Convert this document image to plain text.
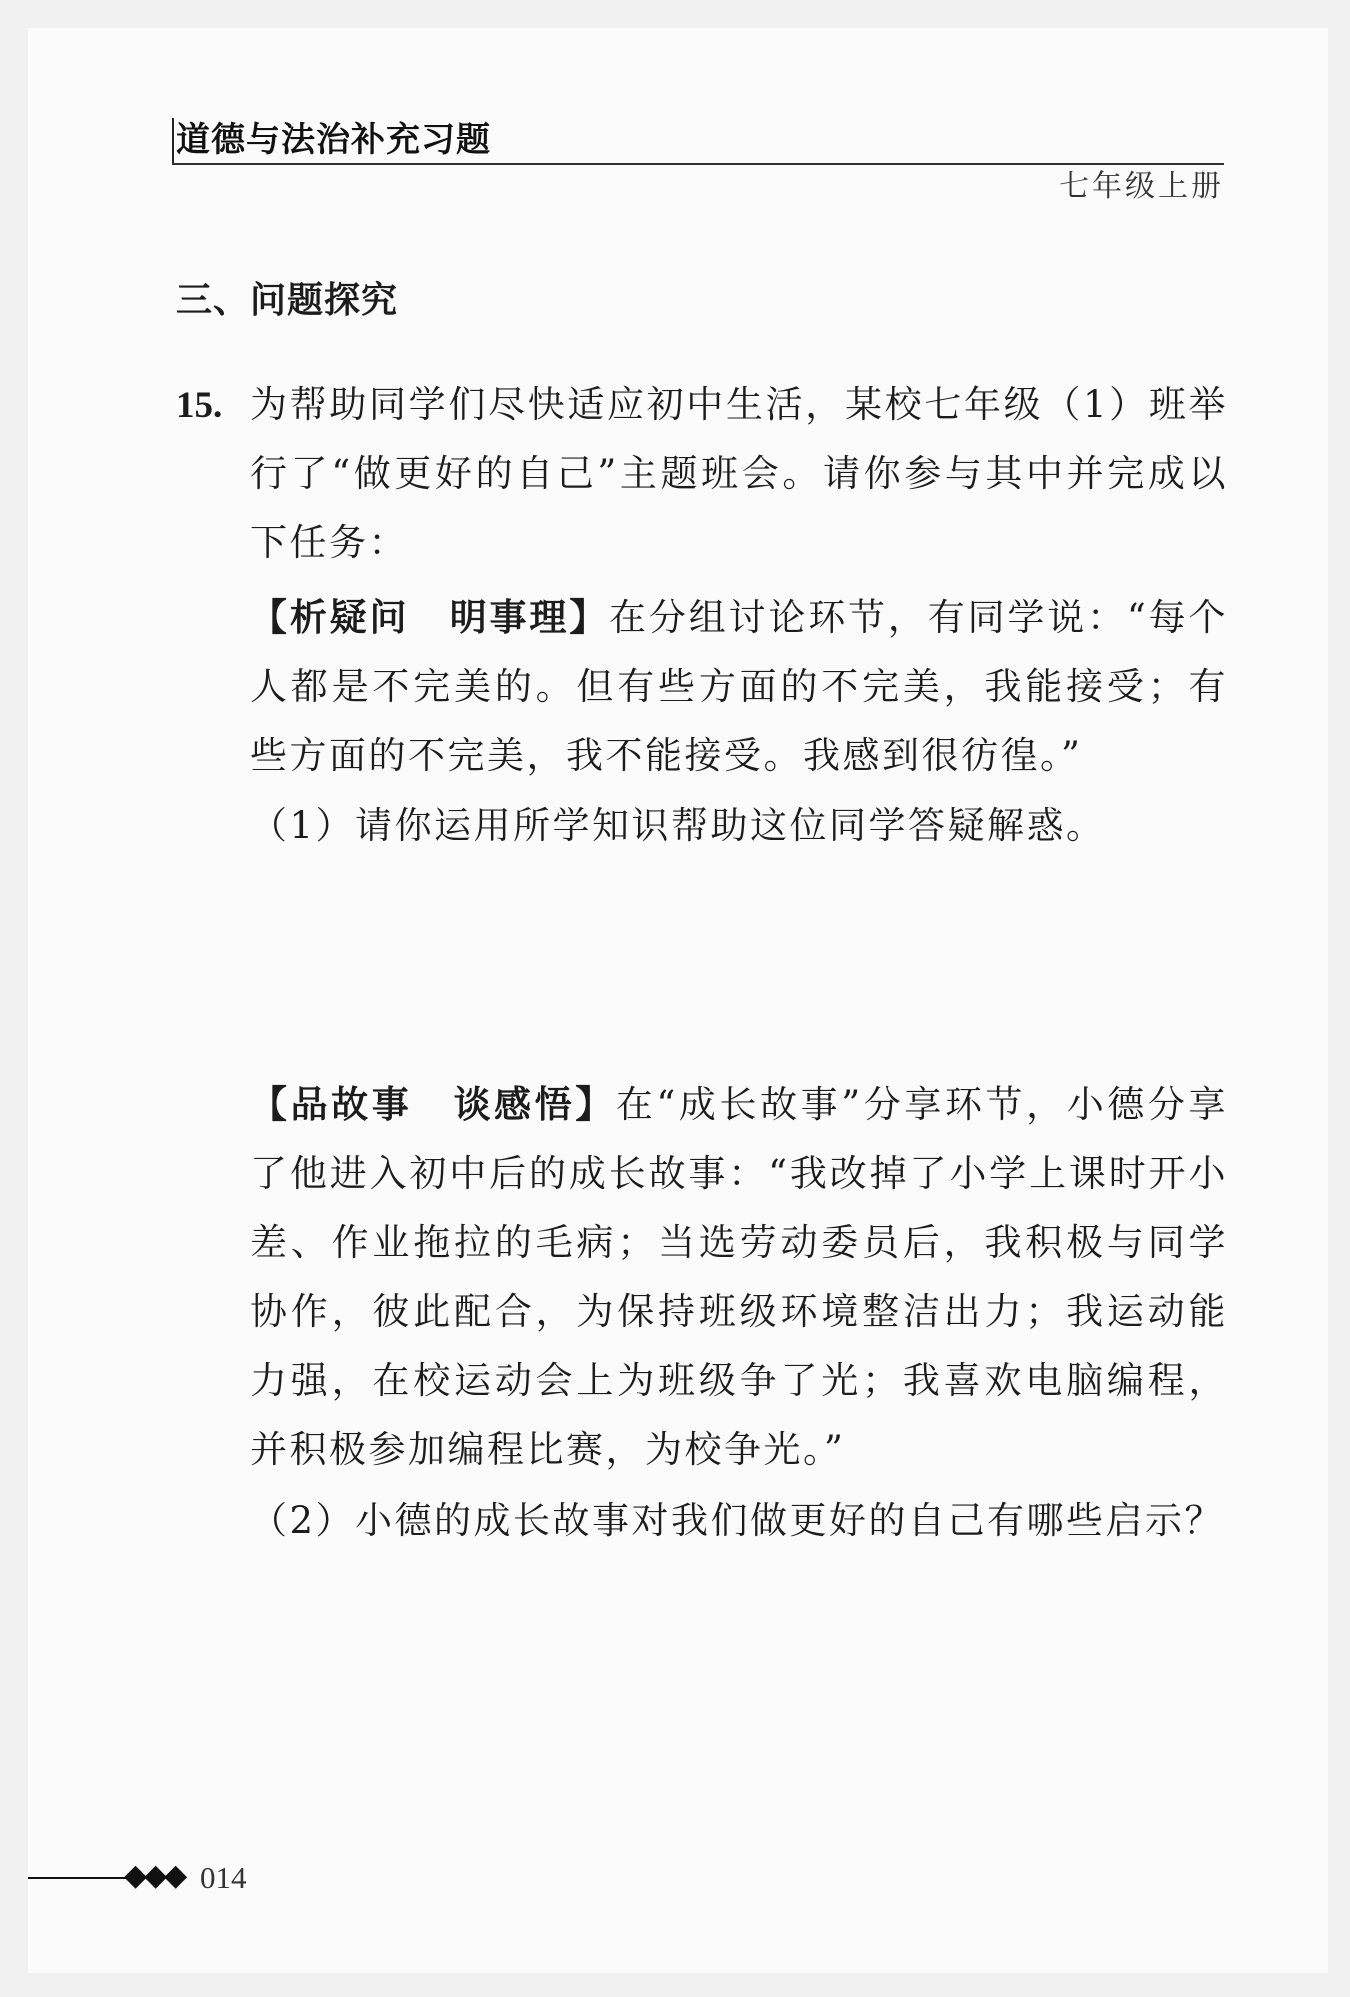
道德与法治补充习题
七年级上册
三、问题探究
15. 为帮助同学们尽快适应初中生活，某校七年级（1）班举行了“做更好的自己”主题班会。请你参与其中并完成以下任务：
【析疑问 明事理】在分组讨论环节，有同学说：“每个人都是不完美的。但有些方面的不完美，我能接受；有些方面的不完美，我不能接受。我感到很彷徨。”
（1）请你运用所学知识帮助这位同学答疑解惑。
【品故事 谈感悟】在“成长故事”分享环节，小德分享了他进入初中后的成长故事：“我改掉了小学上课时开小差、作业拖拉的毛病；当选劳动委员后，我积极与同学协作，彼此配合，为保持班级环境整洁出力；我运动能力强，在校运动会上为班级争了光；我喜欢电脑编程，并积极参加编程比赛，为校争光。”
（2）小德的成长故事对我们做更好的自己有哪些启示？
◆◆◆ 014
